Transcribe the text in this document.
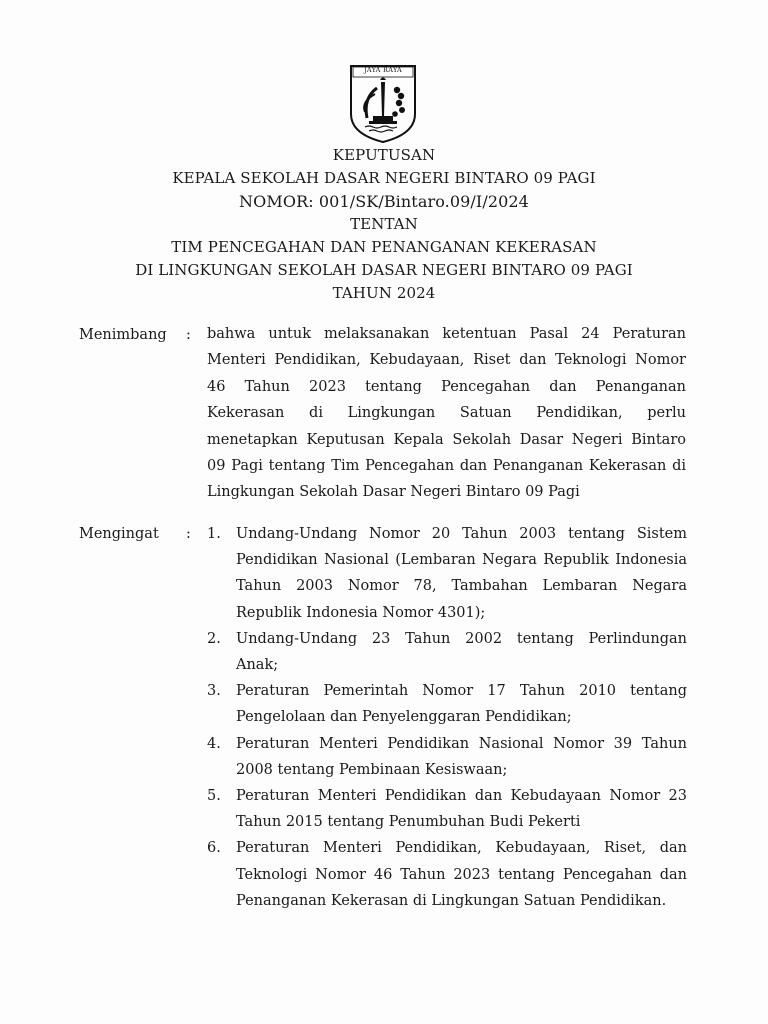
JAYA RAYA
KEPUTUSAN
KEPALA SEKOLAH DASAR NEGERI BINTARO 09 PAGI
NOMOR: 001/SK/Bintaro.09/I/2024
TENTAN
TIM PENCEGAHAN DAN PENANGANAN KEKERASAN
DI LINGKUNGAN SEKOLAH DASAR NEGERI BINTARO 09 PAGI
TAHUN 2024
Menimbang : bahwa untuk melaksanakan ketentuan Pasal 24 Peraturan
Menteri Pendidikan, Kebudayaan, Riset dan Teknologi Nomor
46 Tahun 2023 tentang Pencegahan dan Penanganan
Kekerasan di Lingkungan Satuan Pendidikan, perlu
menetapkan Keputusan Kepala Sekolah Dasar Negeri Bintaro
09 Pagi tentang Tim Pencegahan dan Penanganan Kekerasan di
Lingkungan Sekolah Dasar Negeri Bintaro 09 Pagi
Mengingat : 1. Undang-Undang Nomor 20 Tahun 2003 tentang Sistem
Pendidikan Nasional (Lembaran Negara Republik Indonesia
Tahun 2003 Nomor 78, Tambahan Lembaran Negara
Republik Indonesia Nomor 4301);
2. Undang-Undang 23 Tahun 2002 tentang Perlindungan
Anak;
3. Peraturan Pemerintah Nomor 17 Tahun 2010 tentang
Pengelolaan dan Penyelenggaran Pendidikan;
4. Peraturan Menteri Pendidikan Nasional Nomor 39 Tahun
2008 tentang Pembinaan Kesiswaan;
5. Peraturan Menteri Pendidikan dan Kebudayaan Nomor 23
Tahun 2015 tentang Penumbuhan Budi Pekerti
6. Peraturan Menteri Pendidikan, Kebudayaan, Riset, dan
Teknologi Nomor 46 Tahun 2023 tentang Pencegahan dan
Penanganan Kekerasan di Lingkungan Satuan Pendidikan.
